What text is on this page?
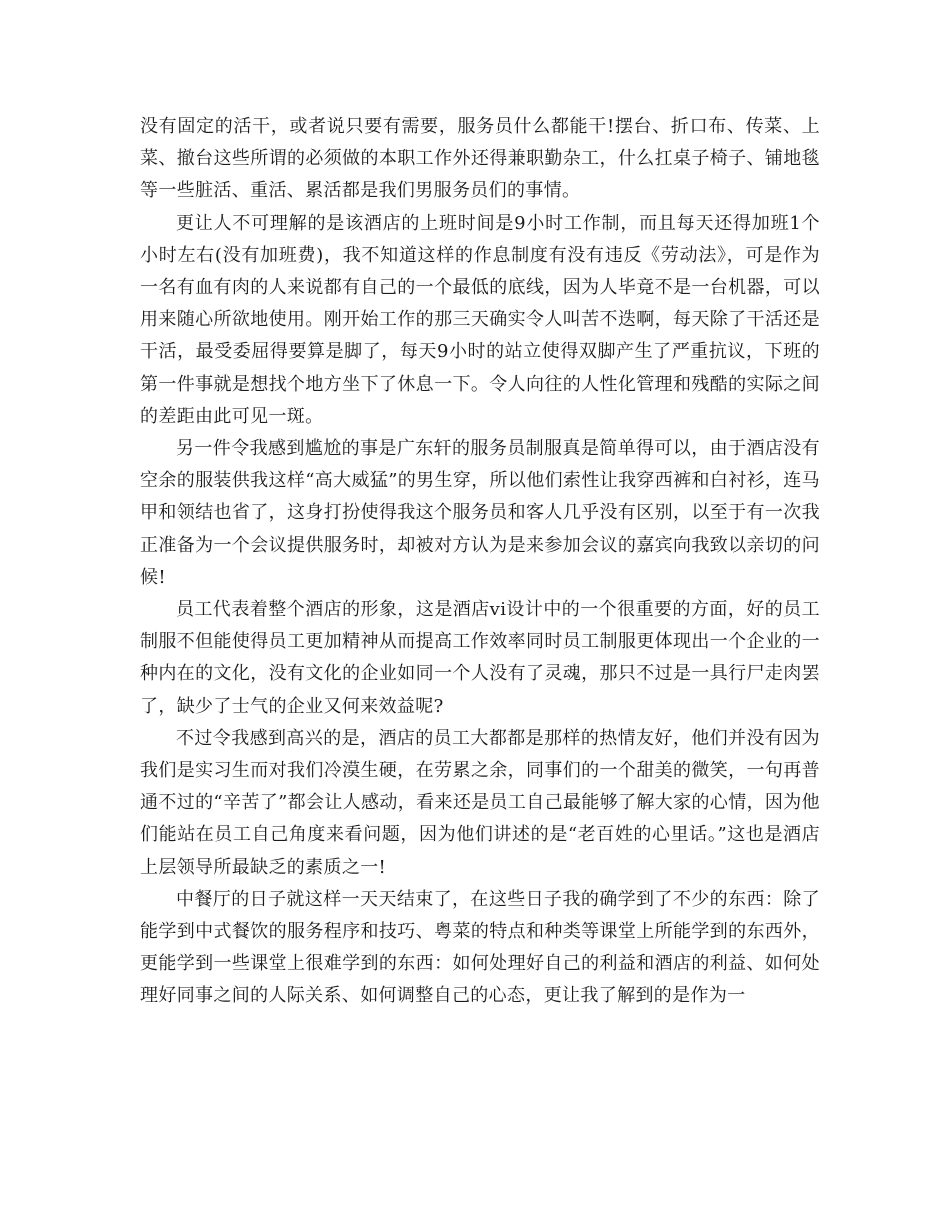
没有固定的活干，或者说只要有需要，服务员什么都能干!摆台、折口布、传菜、上菜、撤台这些所谓的必须做的本职工作外还得兼职勤杂工，什么扛桌子椅子、铺地毯等一些脏活、重活、累活都是我们男服务员们的事情。

更让人不可理解的是该酒店的上班时间是9小时工作制，而且每天还得加班1个小时左右(没有加班费)，我不知道这样的作息制度有没有违反《劳动法》，可是作为一名有血有肉的人来说都有自己的一个最低的底线，因为人毕竟不是一台机器，可以用来随心所欲地使用。刚开始工作的那三天确实令人叫苦不迭啊，每天除了干活还是干活，最受委屈得要算是脚了，每天9小时的站立使得双脚产生了严重抗议，下班的第一件事就是想找个地方坐下了休息一下。令人向往的人性化管理和残酷的实际之间的差距由此可见一斑。

另一件令我感到尴尬的事是广东轩的服务员制服真是简单得可以，由于酒店没有空余的服装供我这样“高大威猛”的男生穿，所以他们索性让我穿西裤和白衬衫，连马甲和领结也省了，这身打扮使得我这个服务员和客人几乎没有区别，以至于有一次我正准备为一个会议提供服务时，却被对方认为是来参加会议的嘉宾向我致以亲切的问候!

员工代表着整个酒店的形象，这是酒店vi设计中的一个很重要的方面，好的员工制服不但能使得员工更加精神从而提高工作效率同时员工制服更体现出一个企业的一种内在的文化，没有文化的企业如同一个人没有了灵魂，那只不过是一具行尸走肉罢了，缺少了士气的企业又何来效益呢?

不过令我感到高兴的是，酒店的员工大都都是那样的热情友好，他们并没有因为我们是实习生而对我们冷漠生硬，在劳累之余，同事们的一个甜美的微笑，一句再普通不过的“辛苦了”都会让人感动，看来还是员工自己最能够了解大家的心情，因为他们能站在员工自己角度来看问题，因为他们讲述的是“老百姓的心里话。”这也是酒店上层领导所最缺乏的素质之一!

中餐厅的日子就这样一天天结束了，在这些日子我的确学到了不少的东西：除了能学到中式餐饮的服务程序和技巧、粤菜的特点和种类等课堂上所能学到的东西外，更能学到一些课堂上很难学到的东西：如何处理好自己的利益和酒店的利益、如何处理好同事之间的人际关系、如何调整自己的心态，更让我了解到的是作为一
